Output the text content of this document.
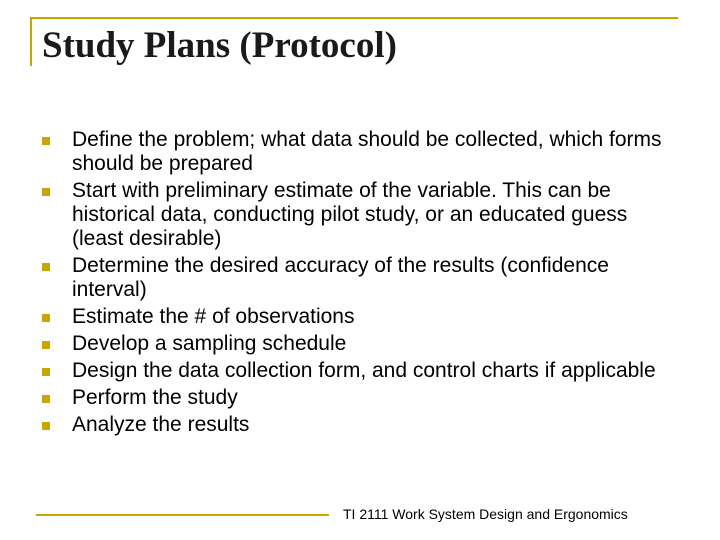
Study Plans (Protocol)
Define the problem; what data should be collected, which forms should be prepared
Start with preliminary estimate of the variable. This can be historical data, conducting pilot study, or an educated guess (least desirable)
Determine the desired accuracy of the results (confidence interval)
Estimate the # of observations
Develop a sampling schedule
Design the data collection form, and control charts if applicable
Perform the study
Analyze the results
TI 2111 Work System Design and Ergonomics
